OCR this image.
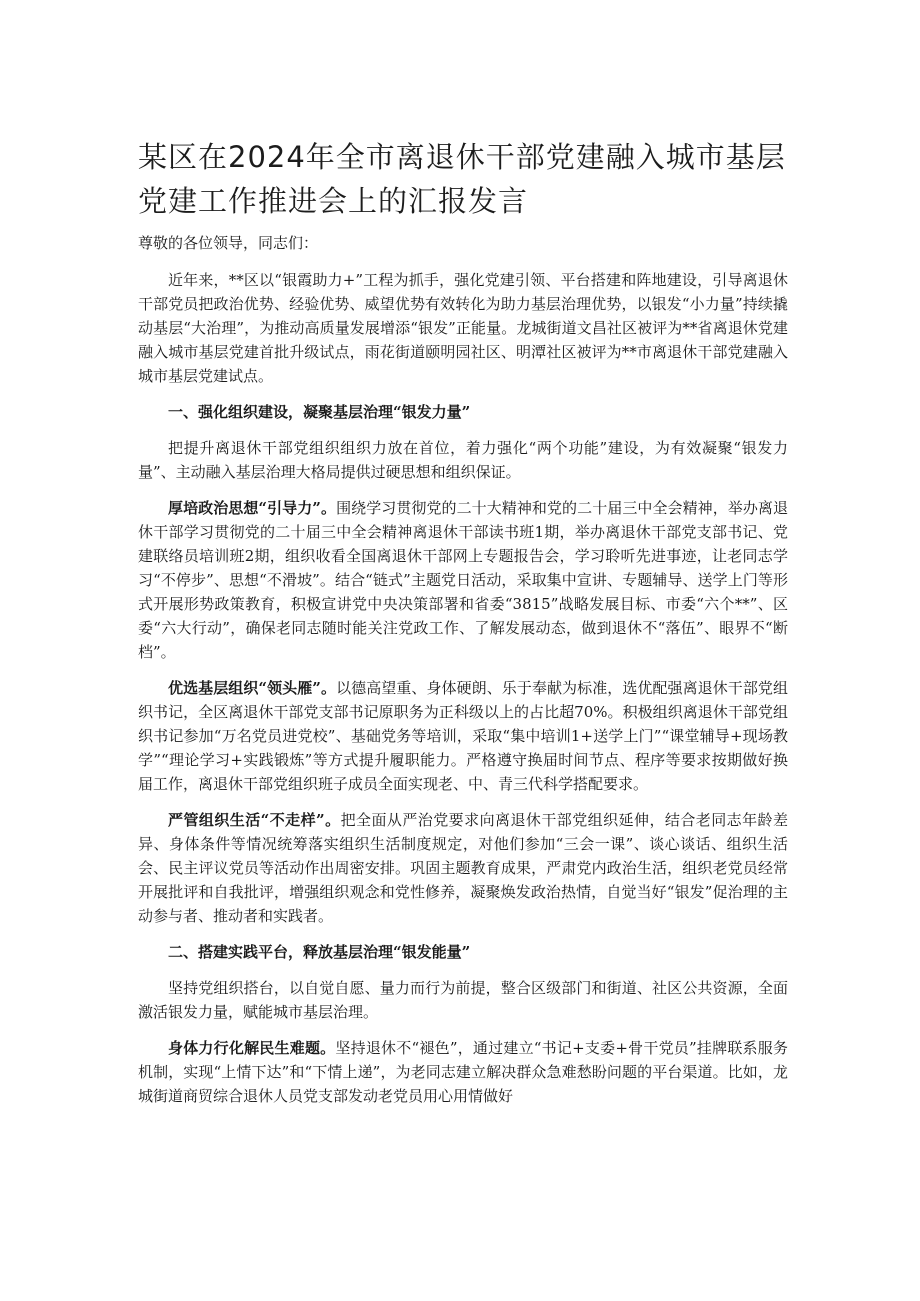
某区在2024年全市离退休干部党建融入城市基层党建工作推进会上的汇报发言

尊敬的各位领导，同志们：

近年来，**区以“银霞助力+”工程为抓手，强化党建引领、平台搭建和阵地建设，引导离退休干部党员把政治优势、经验优势、威望优势有效转化为助力基层治理优势，以银发“小力量”持续撬动基层“大治理”，为推动高质量发展增添“银发”正能量。龙城街道文昌社区被评为**省离退休党建融入城市基层党建首批升级试点，雨花街道颐明园社区、明潭社区被评为**市离退休干部党建融入城市基层党建试点。

一、强化组织建设，凝聚基层治理“银发力量”

把提升离退休干部党组织组织力放在首位，着力强化“两个功能”建设，为有效凝聚“银发力量”、主动融入基层治理大格局提供过硬思想和组织保证。

厚培政治思想“引导力”。围绕学习贯彻党的二十大精神和党的二十届三中全会精神，举办离退休干部学习贯彻党的二十届三中全会精神离退休干部读书班1期，举办离退休干部党支部书记、党建联络员培训班2期，组织收看全国离退休干部网上专题报告会，学习聆听先进事迹，让老同志学习“不停步”、思想“不滑坡”。结合“链式”主题党日活动，采取集中宣讲、专题辅导、送学上门等形式开展形势政策教育，积极宣讲党中央决策部署和省委“3815”战略发展目标、市委“六个**”、区委“六大行动”，确保老同志随时能关注党政工作、了解发展动态，做到退休不“落伍”、眼界不“断档”。

优选基层组织“领头雁”。以德高望重、身体硬朗、乐于奉献为标准，选优配强离退休干部党组织书记，全区离退休干部党支部书记原职务为正科级以上的占比超70%。积极组织离退休干部党组织书记参加“万名党员进党校”、基础党务等培训，采取“集中培训1+送学上门”“课堂辅导+现场教学”“理论学习+实践锻炼”等方式提升履职能力。严格遵守换届时间节点、程序等要求按期做好换届工作，离退休干部党组织班子成员全面实现老、中、青三代科学搭配要求。

严管组织生活“不走样”。把全面从严治党要求向离退休干部党组织延伸，结合老同志年龄差异、身体条件等情况统筹落实组织生活制度规定，对他们参加“三会一课”、谈心谈话、组织生活会、民主评议党员等活动作出周密安排。巩固主题教育成果，严肃党内政治生活，组织老党员经常开展批评和自我批评，增强组织观念和党性修养，凝聚焕发政治热情，自觉当好“银发”促治理的主动参与者、推动者和实践者。

二、搭建实践平台，释放基层治理“银发能量”

坚持党组织搭台，以自觉自愿、量力而行为前提，整合区级部门和街道、社区公共资源，全面激活银发力量，赋能城市基层治理。

身体力行化解民生难题。坚持退休不“褪色”，通过建立“书记+支委+骨干党员”挂牌联系服务机制，实现“上情下达”和“下情上递”，为老同志建立解决群众急难愁盼问题的平台渠道。比如，龙城街道商贸综合退休人员党支部发动老党员用心用情做好
